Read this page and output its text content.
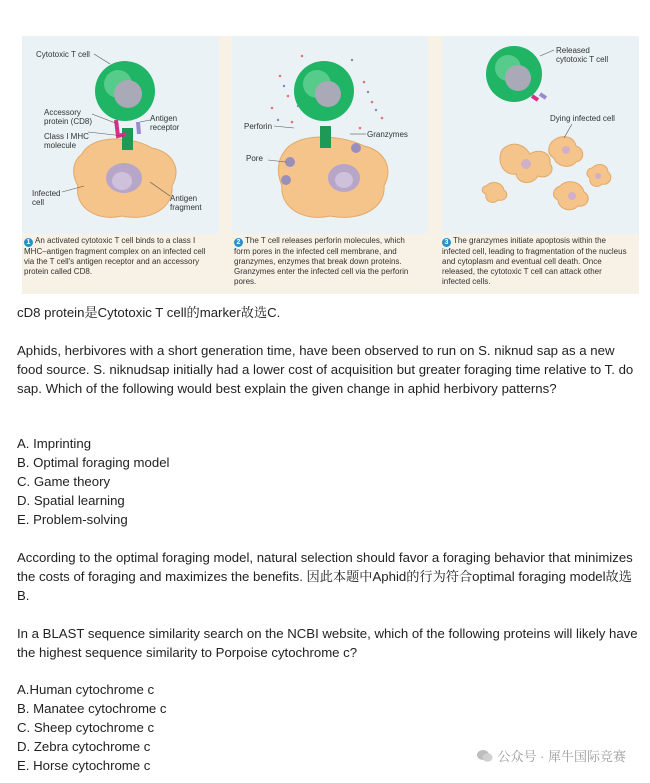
Cytotoxic T cell
Accessory
protein (CD8)	Antigen
receptor
Class I MHC
molecule
Infected
cell	Antigen
fragment
Perforin
Granzymes
Pore
Released
cytotoxic T cell
Dying infected cell
1 An activated cytotoxic T cell binds to a class I MHC–antigen fragment complex on an infected cell via the T cell's antigen receptor and an accessory protein called CD8.
2 The T cell releases perforin molecules, which form pores in the infected cell membrane, and granzymes, enzymes that break down proteins. Granzymes enter the infected cell via the perforin pores.
3 The granzymes initiate apoptosis within the infected cell, leading to fragmentation of the nucleus and cytoplasm and eventual cell death. Once released, the cytotoxic T cell can attack other infected cells.
cD8 protein是Cytotoxic T cell的marker故选C.
Aphids, herbivores with a short generation time, have been observed to run on S. niknud sap as a new food source. S. niknudsap initially had a lower cost of acquisition but greater foraging time relative to T. do sap. Which of the following would best explain the given change in aphid herbivory patterns?
A. Imprinting
B. Optimal foraging model
C. Game theory
D. Spatial learning
E. Problem-solving
According to the optimal foraging model, natural selection should favor a foraging behavior that minimizes the costs of foraging and maximizes the benefits. 因此本题中Aphid的行为符合optimal foraging model故选B.
In a BLAST sequence similarity search on the NCBI website, which of the following proteins will likely have the highest sequence similarity to Porpoise cytochrome c?
A.Human cytochrome c
B. Manatee cytochrome c
C. Sheep cytochrome c
D. Zebra cytochrome c
E. Horse cytochrome c
公众号 · 犀牛国际竞赛
